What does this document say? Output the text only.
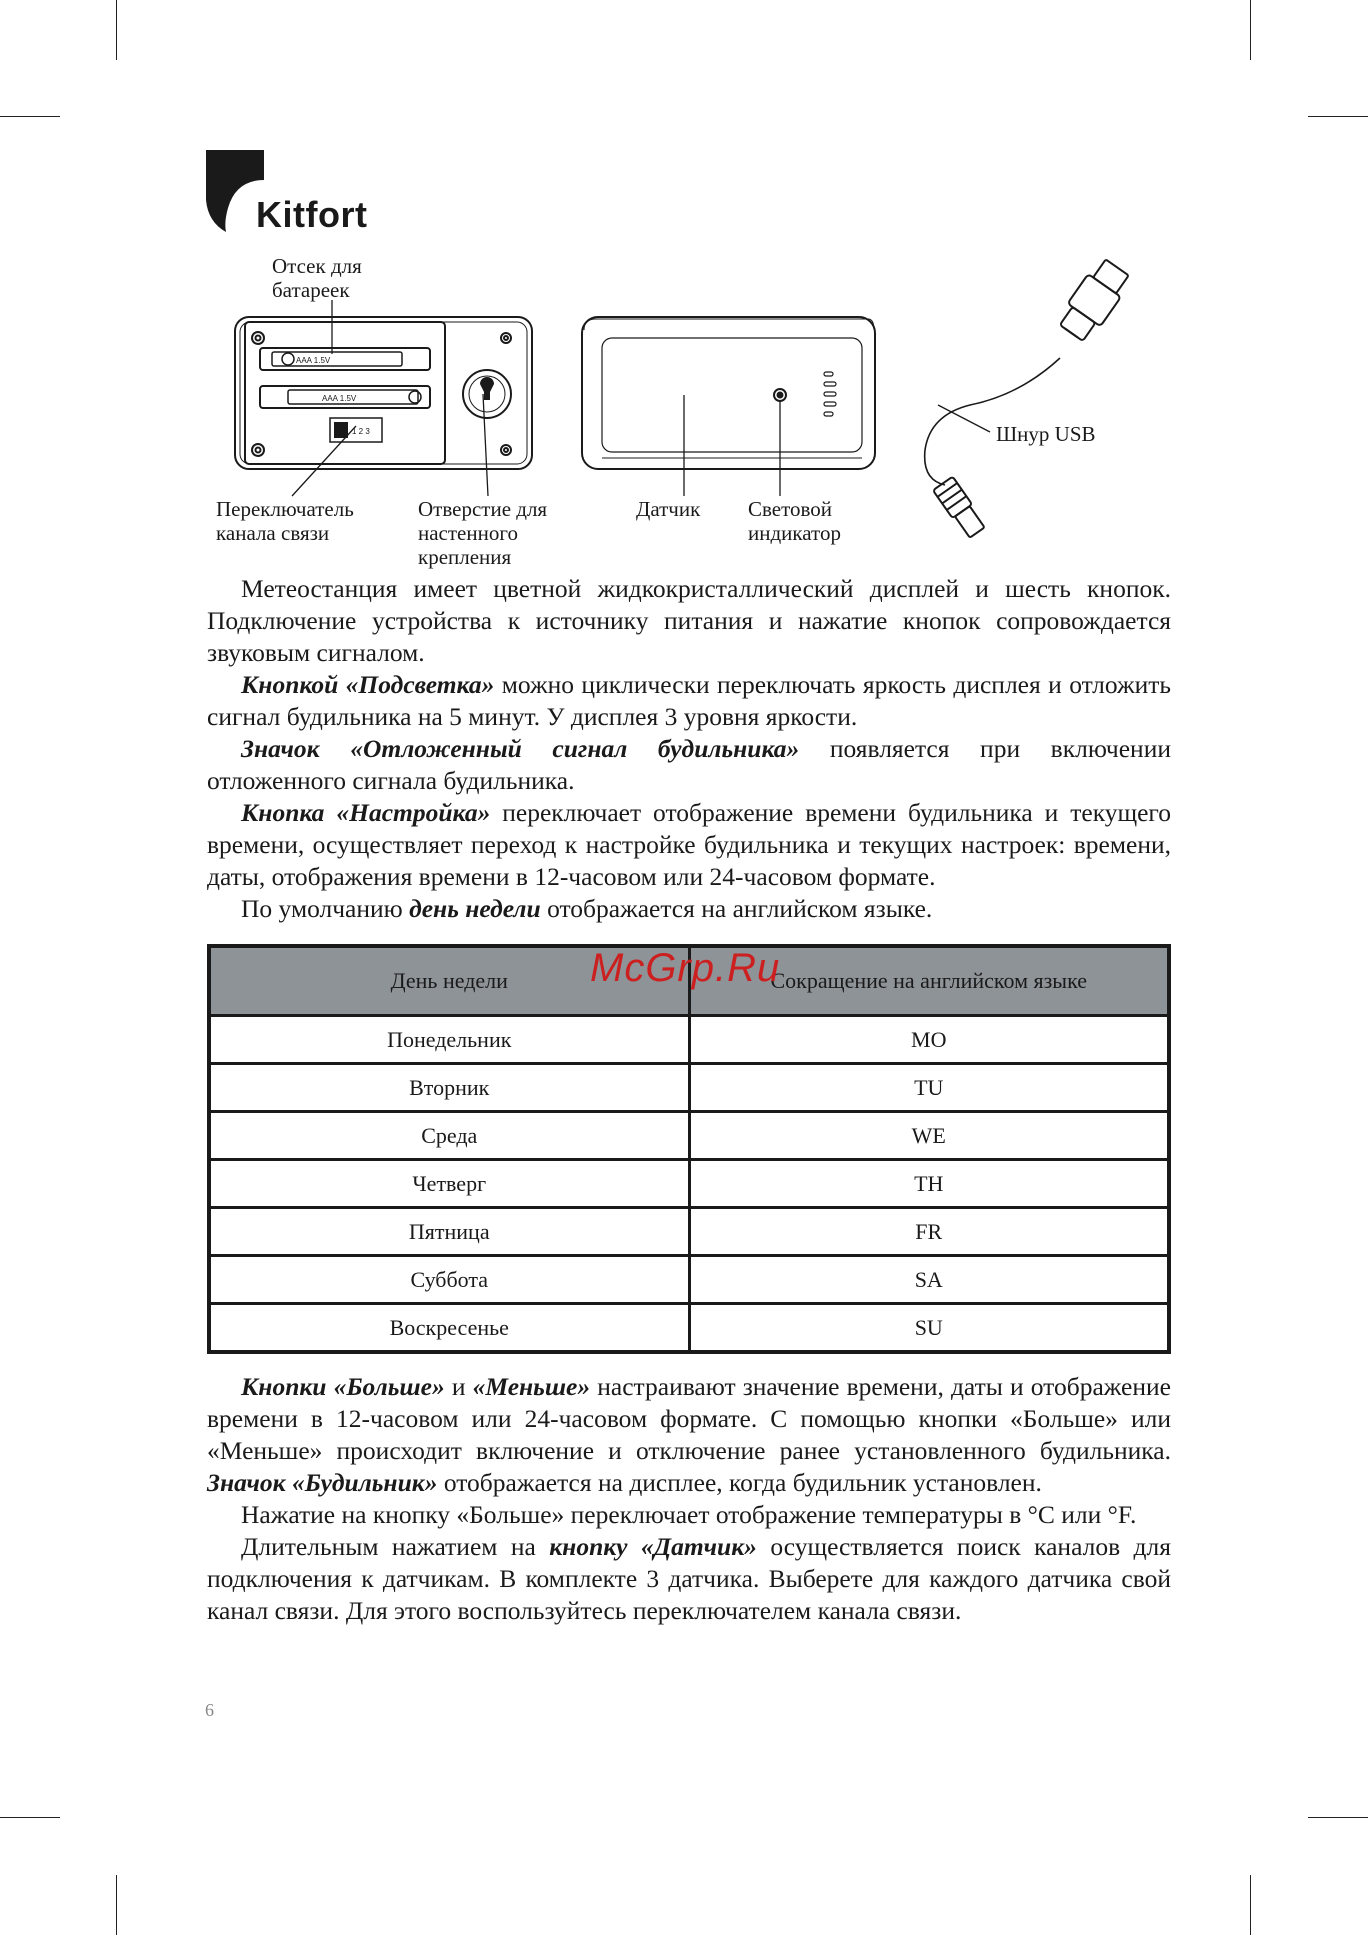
Kitfort
AAA 1.5V
AAA 1.5V
1 2 3
Отсек для
батареек
Переключатель
канала связи
Отверстие для
настенного
крепления
Датчик Световой
индикатор
Шнур USB

Метеостанция имеет цветной жидкокристаллический дисплей и шесть кнопок. Подключение устройства к источнику питания и нажатие кнопок сопровождается звуковым сигналом.

Кнопкой «Подсветка» можно циклически переключать яркость дисплея и отложить сигнал будильника на 5 минут. У дисплея 3 уровня яркости.

Значок «Отложенный сигнал будильника» появляется при включении отложенного сигнала будильника.

Кнопка «Настройка» переключает отображение времени будильника и текущего времени, осуществляет переход к настройке будильника и текущих настроек: времени, даты, отображения времени в 12-часовом или 24-часовом формате.

По умолчанию день недели отображается на английском языке.

День недели	Сокращение на английском языке
Понедельник	MO
Вторник	TU
Среда	WE
Четверг	TH
Пятница	FR
Суббота	SA
Воскресенье	SU
McGrp.Ru

Кнопки «Больше» и «Меньше» настраивают значение времени, даты и отображение времени в 12-часовом или 24-часовом формате. С помощью кнопки «Больше» или «Меньше» происходит включение и отключение ранее установленного будильника. Значок «Будильник» отображается на дисплее, когда будильник установлен.

Нажатие на кнопку «Больше» переключает отображение температуры в °C или °F.

Длительным нажатием на кнопку «Датчик» осуществляется поиск каналов для подключения к датчикам. В комплекте 3 датчика. Выберете для каждого датчика свой канал связи. Для этого воспользуйтесь переключателем канала связи.

6
